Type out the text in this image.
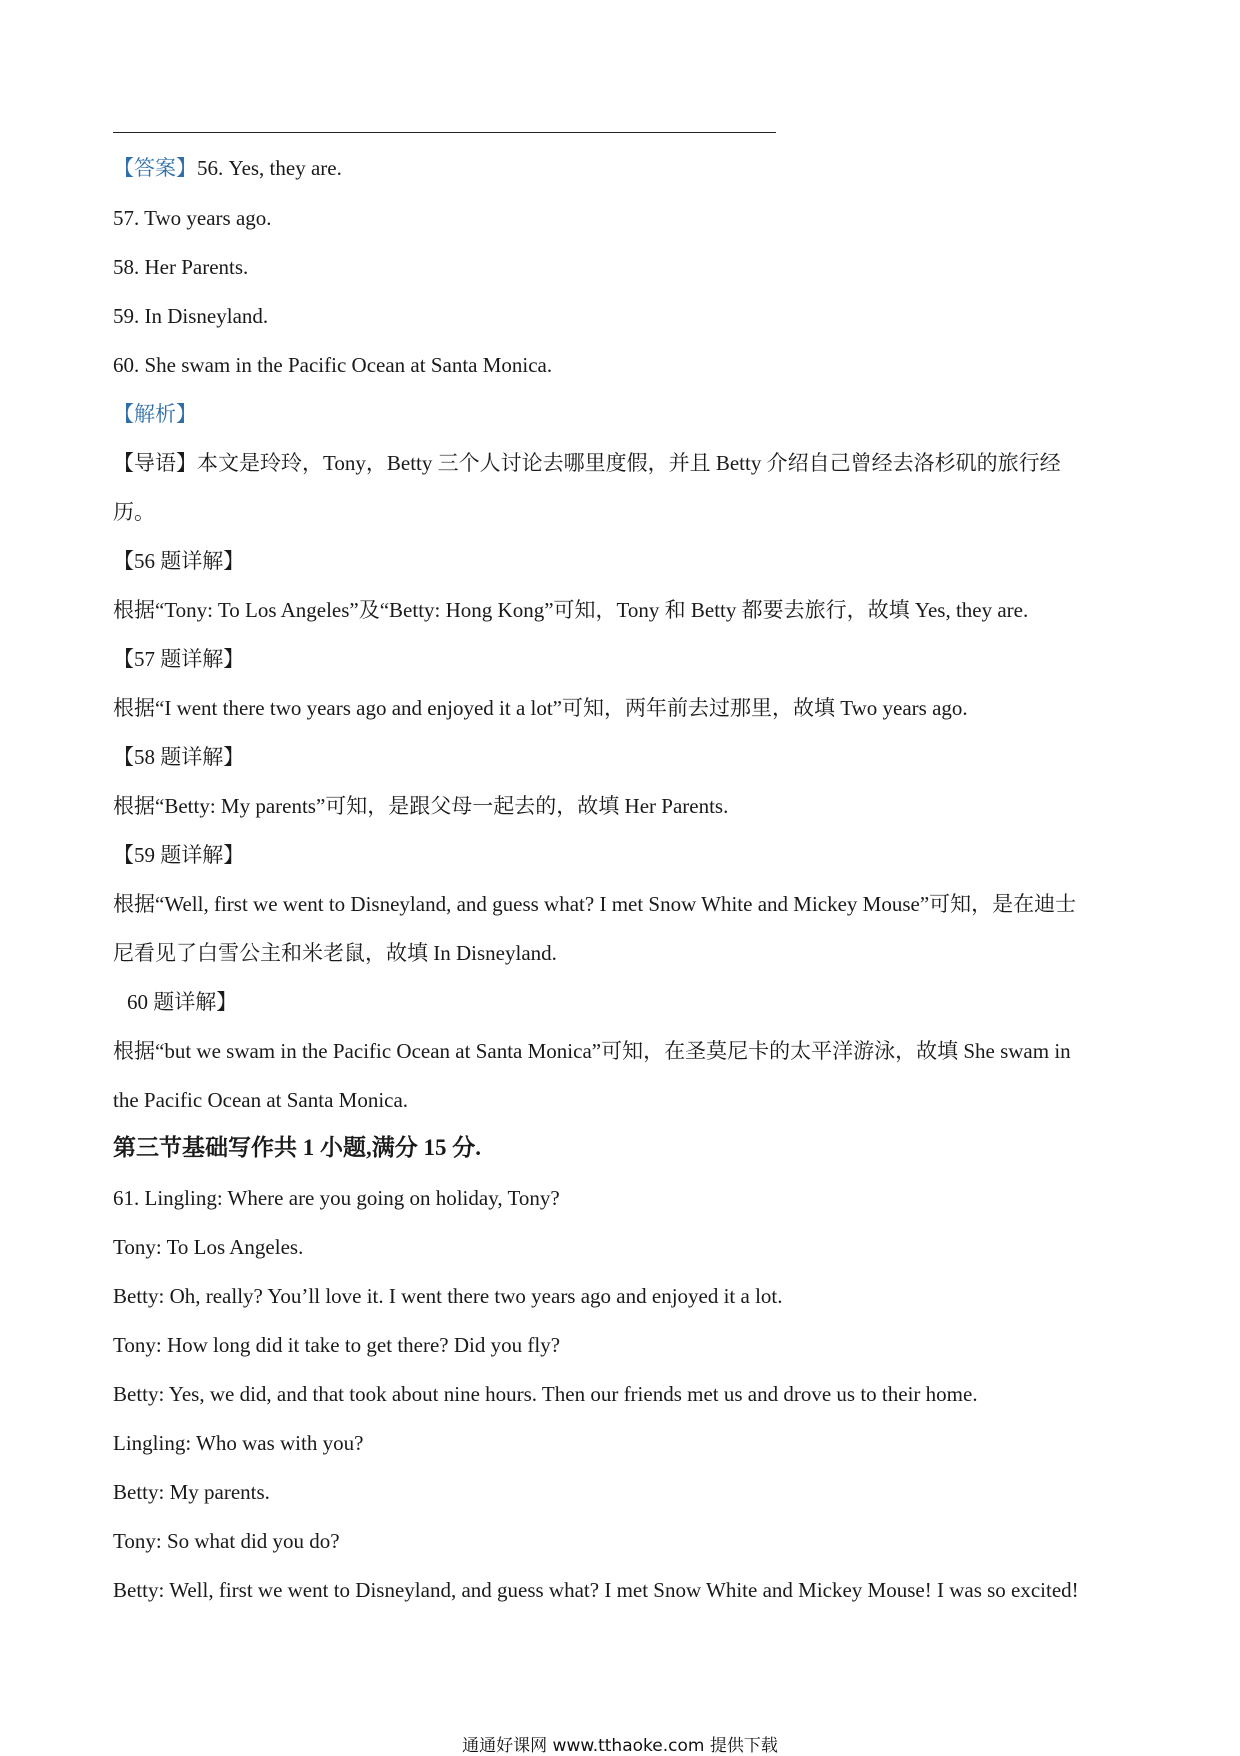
【答案】56. Yes, they are.
57. Two years ago.
58. Her Parents.
59. In Disneyland.
60. She swam in the Pacific Ocean at Santa Monica.
【解析】
【导语】本文是玲玲，Tony，Betty 三个人讨论去哪里度假，并且 Betty 介绍自己曾经去洛杉矶的旅行经
历。
【56 题详解】
根据“Tony: To Los Angeles”及“Betty: Hong Kong”可知，Tony 和 Betty 都要去旅行，故填 Yes, they are.
【57 题详解】
根据“I went there two years ago and enjoyed it a lot”可知，两年前去过那里，故填 Two years ago.
【58 题详解】
根据“Betty: My parents”可知，是跟父母一起去的，故填 Her Parents.
【59 题详解】
根据“Well, first we went to Disneyland, and guess what? I met Snow White and Mickey Mouse”可知，是在迪士
尼看见了白雪公主和米老鼠，故填 In Disneyland.
60 题详解】
根据“but we swam in the Pacific Ocean at Santa Monica”可知，在圣莫尼卡的太平洋游泳，故填 She swam in
the Pacific Ocean at Santa Monica.
第三节基础写作共 1 小题,满分 15 分.
61. Lingling: Where are you going on holiday, Tony?
Tony: To Los Angeles.
Betty: Oh, really? You’ll love it. I went there two years ago and enjoyed it a lot.
Tony: How long did it take to get there? Did you fly?
Betty: Yes, we did, and that took about nine hours. Then our friends met us and drove us to their home.
Lingling: Who was with you?
Betty: My parents.
Tony: So what did you do?
Betty: Well, first we went to Disneyland, and guess what? I met Snow White and Mickey Mouse! I was so excited!
通通好课网 www.tthaoke.com 提供下载
